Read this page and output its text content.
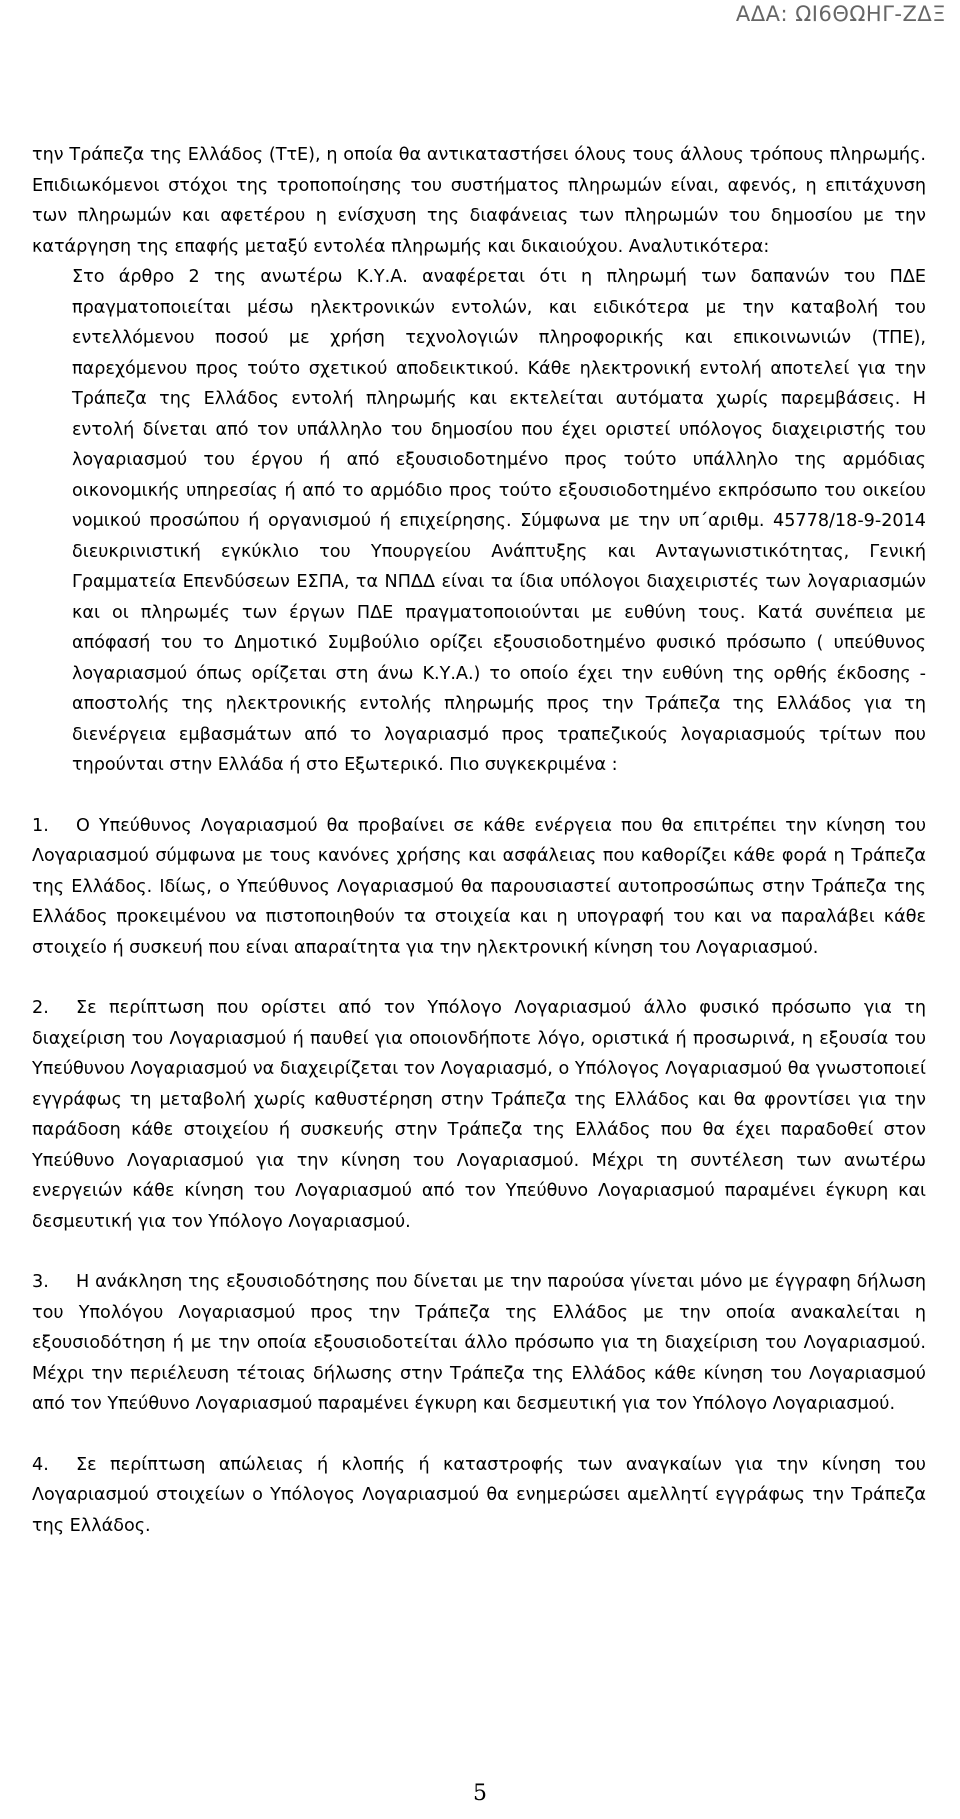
ΑΔΑ: ΩΙ6ΘΩΗΓ-ΖΔΞ

την Τράπεζα της Ελλάδος (ΤτΕ), η οποία θα αντικαταστήσει όλους τους άλλους τρόπους πληρωμής. Επιδιωκόμενοι στόχοι της τροποποίησης του συστήματος πληρωμών είναι, αφενός, η επιτάχυνση των πληρωμών και αφετέρου η ενίσχυση της διαφάνειας των πληρωμών του δημοσίου με την κατάργηση της επαφής μεταξύ εντολέα πληρωμής και δικαιούχου. Αναλυτικότερα:

Στο άρθρο 2 της ανωτέρω Κ.Υ.Α. αναφέρεται ότι η πληρωμή των δαπανών του ΠΔΕ πραγματοποιείται μέσω ηλεκτρονικών εντολών, και ειδικότερα με την καταβολή του εντελλόμενου ποσού με χρήση τεχνολογιών πληροφορικής και επικοινωνιών (ΤΠΕ), παρεχόμενου προς τούτο σχετικού αποδεικτικού. Κάθε ηλεκτρονική εντολή αποτελεί για την Τράπεζα της Ελλάδος εντολή πληρωμής και εκτελείται αυτόματα χωρίς παρεμβάσεις. Η εντολή δίνεται από τον υπάλληλο του δημοσίου που έχει οριστεί υπόλογος διαχειριστής του λογαριασμού του έργου ή από εξουσιοδοτημένο προς τούτο υπάλληλο της αρμόδιας οικονομικής υπηρεσίας ή από το αρμόδιο προς τούτο εξουσιοδοτημένο εκπρόσωπο του οικείου νομικού προσώπου ή οργανισμού ή επιχείρησης. Σύμφωνα με την υπ΄αριθμ. 45778/18-9-2014 διευκρινιστική εγκύκλιο του Υπουργείου Ανάπτυξης και Ανταγωνιστικότητας, Γενική Γραμματεία Επενδύσεων ΕΣΠΑ, τα ΝΠΔΔ είναι τα ίδια υπόλογοι διαχειριστές των λογαριασμών και οι πληρωμές των έργων ΠΔΕ πραγματοποιούνται με ευθύνη τους. Κατά συνέπεια με απόφασή του το Δημοτικό Συμβούλιο ορίζει εξουσιοδοτημένο φυσικό πρόσωπο ( υπεύθυνος λογαριασμού όπως ορίζεται στη άνω Κ.Υ.Α.) το οποίο έχει την ευθύνη της ορθής έκδοσης - αποστολής της ηλεκτρονικής εντολής πληρωμής προς την Τράπεζα της Ελλάδος για τη διενέργεια εμβασμάτων από το λογαριασμό προς τραπεζικούς λογαριασμούς τρίτων που τηρούνται στην Ελλάδα ή στο Εξωτερικό. Πιο συγκεκριμένα :

1. Ο Υπεύθυνος Λογαριασμού θα προβαίνει σε κάθε ενέργεια που θα επιτρέπει την κίνηση του Λογαριασμού σύμφωνα με τους κανόνες χρήσης και ασφάλειας που καθορίζει κάθε φορά η Τράπεζα της Ελλάδος. Ιδίως, ο Υπεύθυνος Λογαριασμού θα παρουσιαστεί αυτοπροσώπως στην Τράπεζα της Ελλάδος προκειμένου να πιστοποιηθούν τα στοιχεία και η υπογραφή του και να παραλάβει κάθε στοιχείο ή συσκευή που είναι απαραίτητα για την ηλεκτρονική κίνηση του Λογαριασμού.

2. Σε περίπτωση που ορίστει από τον Υπόλογο Λογαριασμού άλλο φυσικό πρόσωπο για τη διαχείριση του Λογαριασμού ή παυθεί για οποιονδήποτε λόγο, οριστικά ή προσωρινά, η εξουσία του Υπεύθυνου Λογαριασμού να διαχειρίζεται τον Λογαριασμό, ο Υπόλογος Λογαριασμού θα γνωστοποιεί εγγράφως τη μεταβολή χωρίς καθυστέρηση στην Τράπεζα της Ελλάδος και θα φροντίσει για την παράδοση κάθε στοιχείου ή συσκευής στην Τράπεζα της Ελλάδος που θα έχει παραδοθεί στον Υπεύθυνο Λογαριασμού για την κίνηση του Λογαριασμού. Μέχρι τη συντέλεση των ανωτέρω ενεργειών κάθε κίνηση του Λογαριασμού από τον Υπεύθυνο Λογαριασμού παραμένει έγκυρη και δεσμευτική για τον Υπόλογο Λογαριασμού.

3. Η ανάκληση της εξουσιοδότησης που δίνεται με την παρούσα γίνεται μόνο με έγγραφη δήλωση του Υπολόγου Λογαριασμού προς την Τράπεζα της Ελλάδος με την οποία ανακαλείται η εξουσιοδότηση ή με την οποία εξουσιοδοτείται άλλο πρόσωπο για τη διαχείριση του Λογαριασμού. Μέχρι την περιέλευση τέτοιας δήλωσης στην Τράπεζα της Ελλάδος κάθε κίνηση του Λογαριασμού από τον Υπεύθυνο Λογαριασμού παραμένει έγκυρη και δεσμευτική για τον Υπόλογο Λογαριασμού.

4. Σε περίπτωση απώλειας ή κλοπής ή καταστροφής των αναγκαίων για την κίνηση του Λογαριασμού στοιχείων ο Υπόλογος Λογαριασμού θα ενημερώσει αμελλητί εγγράφως την Τράπεζα της Ελλάδος.

5
